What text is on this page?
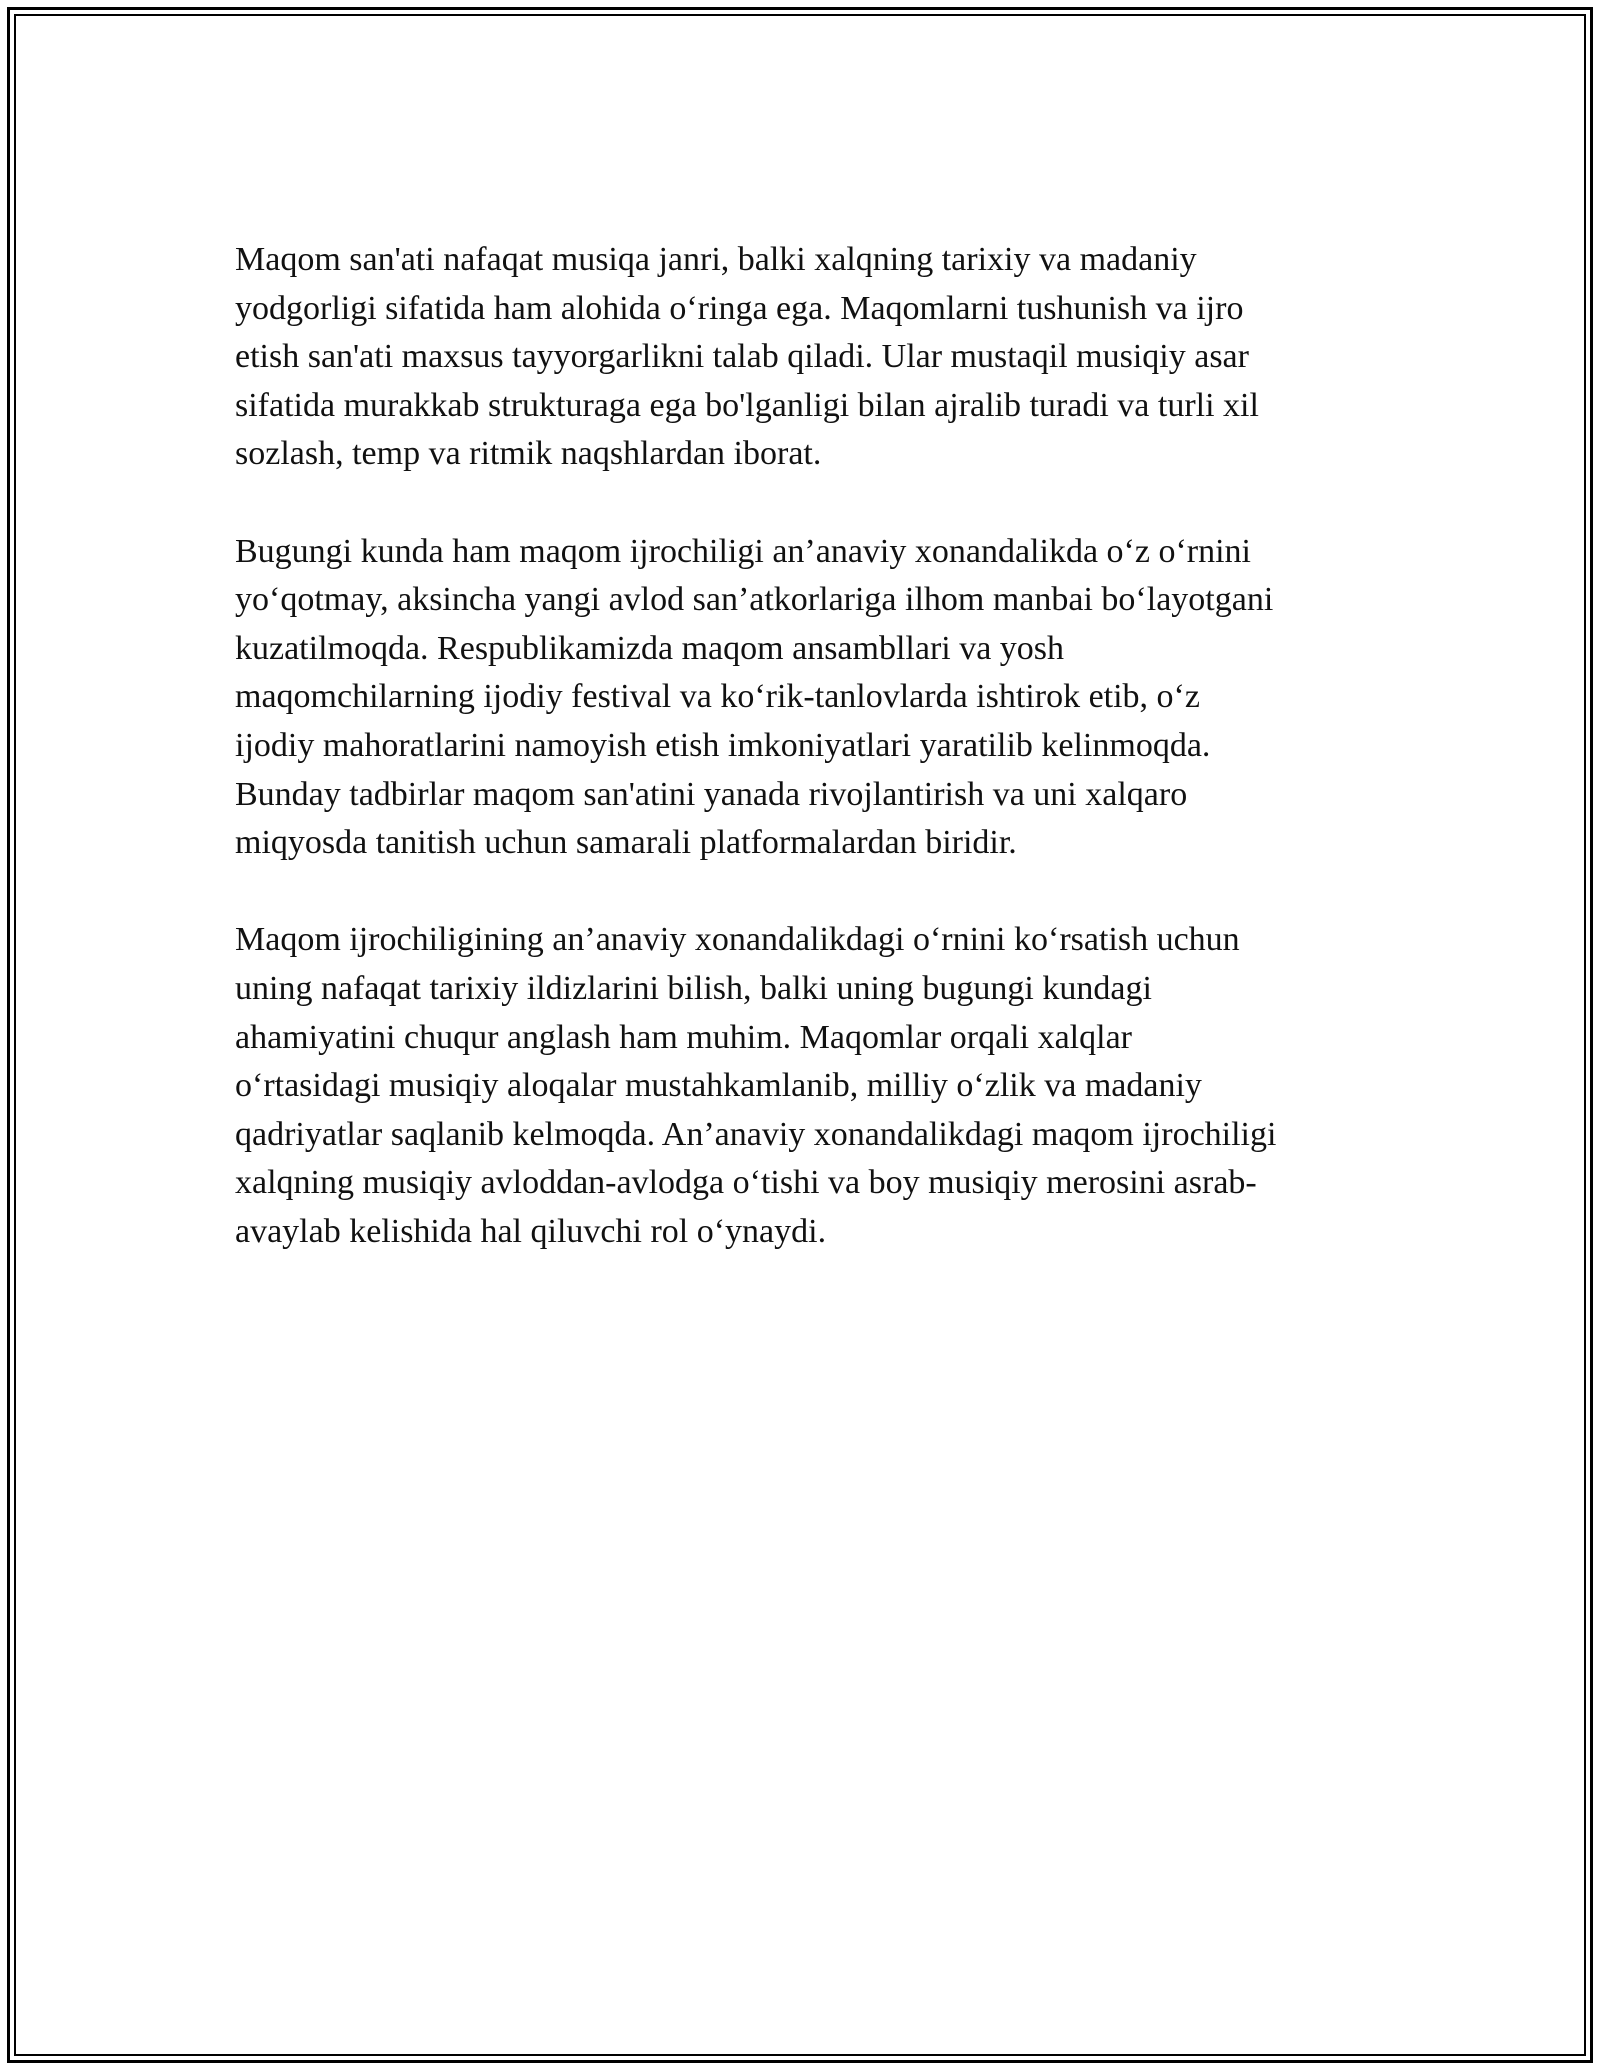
Maqom san'ati nafaqat musiqa janri, balki xalqning tarixiy va madaniy
yodgorligi sifatida ham alohida o‘ringa ega. Maqomlarni tushunish va ijro
etish san'ati maxsus tayyorgarlikni talab qiladi. Ular mustaqil musiqiy asar
sifatida murakkab strukturaga ega bo'lganligi bilan ajralib turadi va turli xil
sozlash, temp va ritmik naqshlardan iborat.

Bugungi kunda ham maqom ijrochiligi an’anaviy xonandalikda o‘z o‘rnini
yo‘qotmay, aksincha yangi avlod san’atkorlariga ilhom manbai bo‘layotgani
kuzatilmoqda. Respublikamizda maqom ansambllari va yosh
maqomchilarning ijodiy festival va ko‘rik-tanlovlarda ishtirok etib, o‘z
ijodiy mahoratlarini namoyish etish imkoniyatlari yaratilib kelinmoqda.
Bunday tadbirlar maqom san'atini yanada rivojlantirish va uni xalqaro
miqyosda tanitish uchun samarali platformalardan biridir.

Maqom ijrochiligining an’anaviy xonandalikdagi o‘rnini ko‘rsatish uchun
uning nafaqat tarixiy ildizlarini bilish, balki uning bugungi kundagi
ahamiyatini chuqur anglash ham muhim. Maqomlar orqali xalqlar
o‘rtasidagi musiqiy aloqalar mustahkamlanib, milliy o‘zlik va madaniy
qadriyatlar saqlanib kelmoqda. An’anaviy xonandalikdagi maqom ijrochiligi
xalqning musiqiy avloddan-avlodga o‘tishi va boy musiqiy merosini asrab-
avaylab kelishida hal qiluvchi rol o‘ynaydi.
